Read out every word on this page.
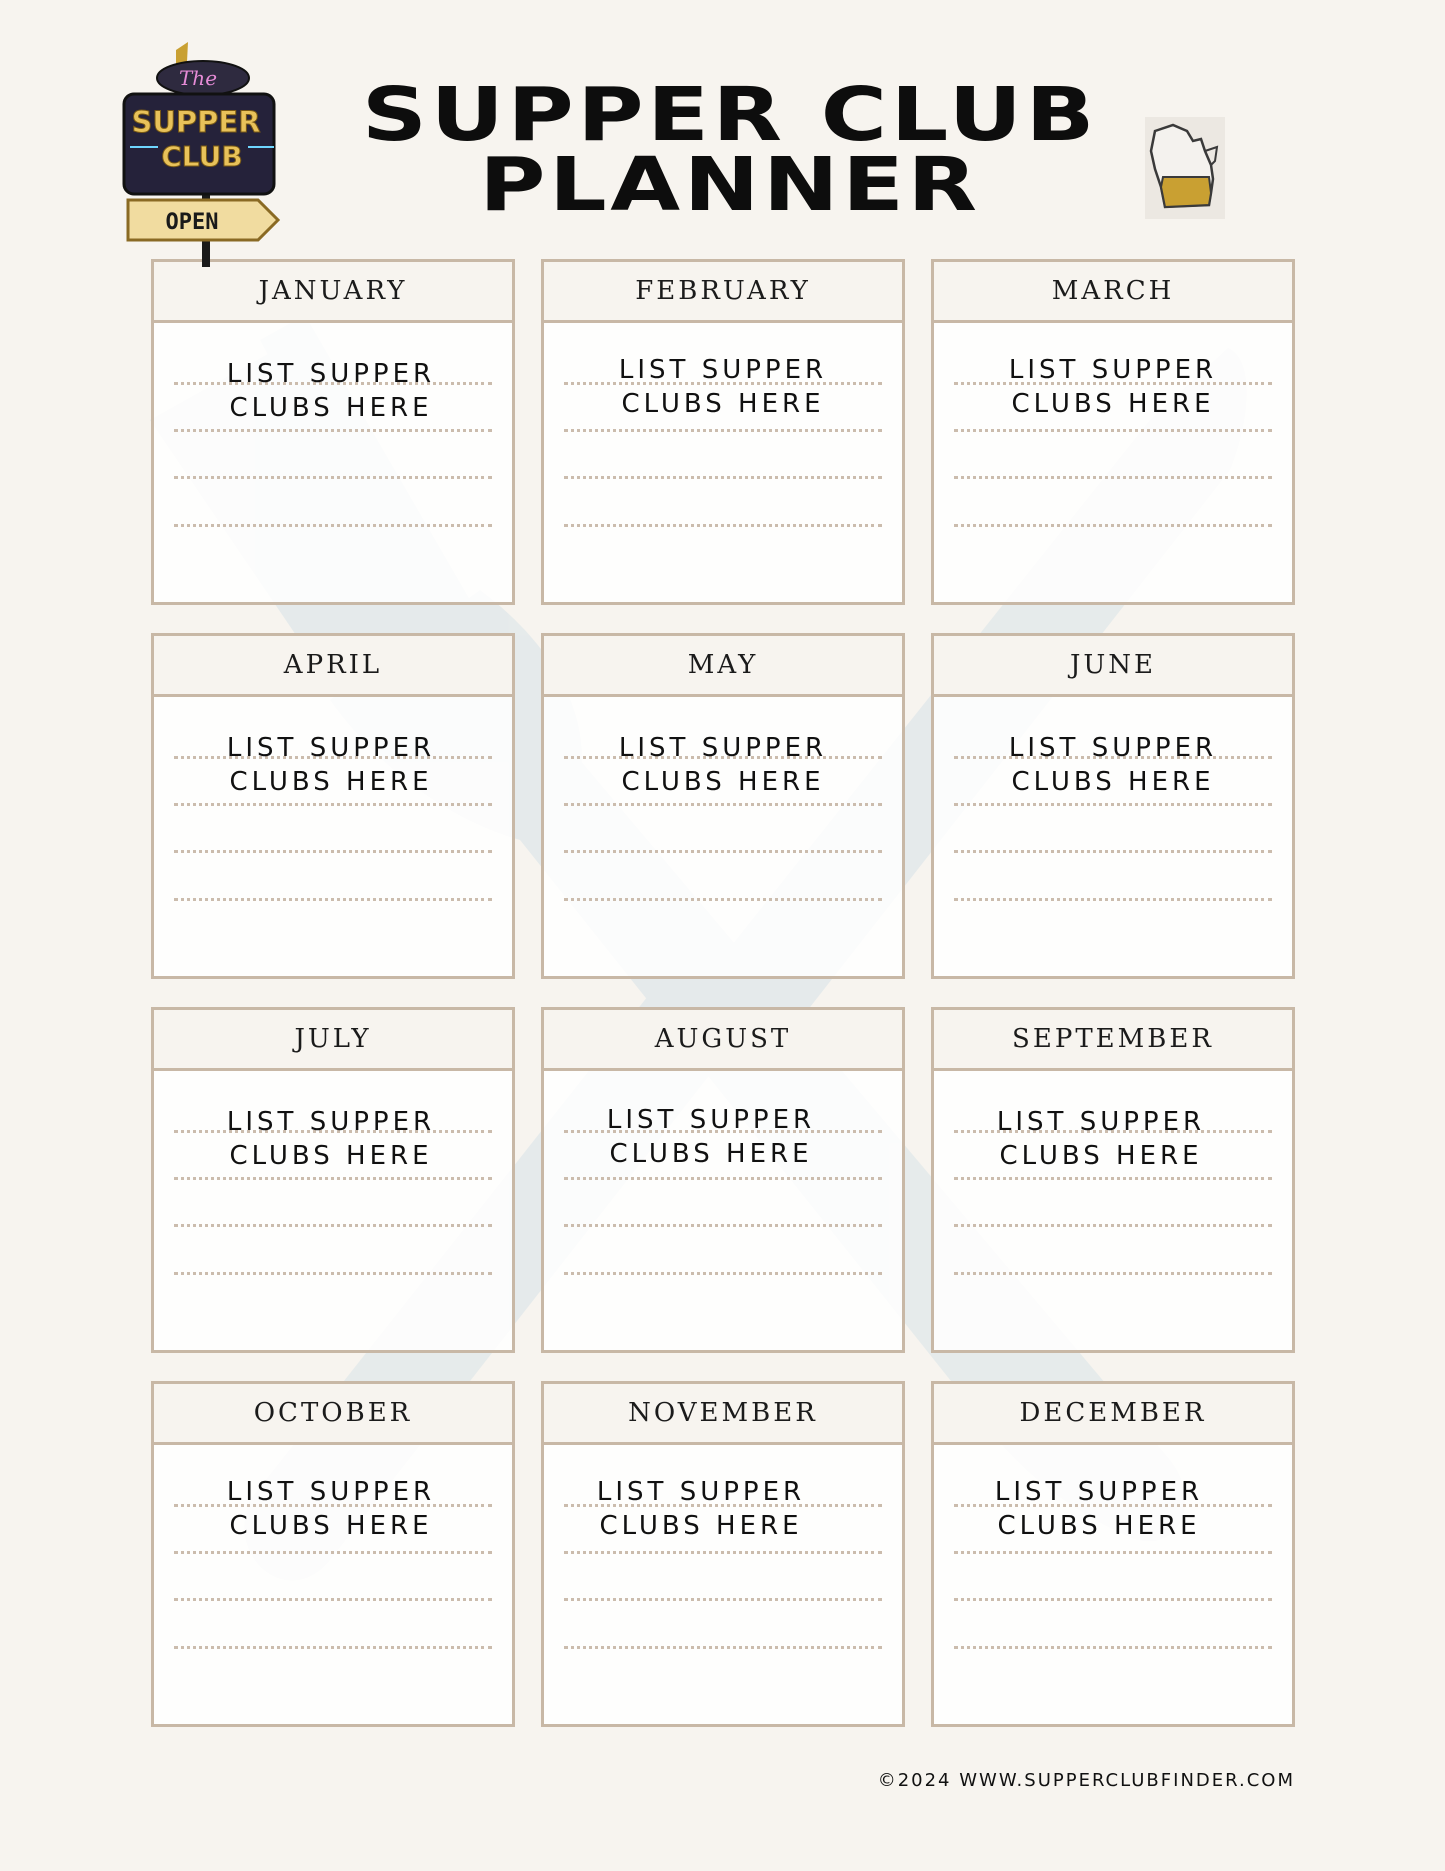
The
SUPPER
CLUB
OPEN
SUPPER CLUB
PLANNER
JANUARY
LIST SUPPER
CLUBS HERE
FEBRUARY
LIST SUPPER
CLUBS HERE
MARCH
LIST SUPPER
CLUBS HERE
APRIL
LIST SUPPER
CLUBS HERE
MAY
LIST SUPPER
CLUBS HERE
JUNE
LIST SUPPER
CLUBS HERE
JULY
LIST SUPPER
CLUBS HERE
AUGUST
LIST SUPPER
CLUBS HERE
SEPTEMBER
LIST SUPPER
CLUBS HERE
OCTOBER
LIST SUPPER
CLUBS HERE
NOVEMBER
LIST SUPPER
CLUBS HERE
DECEMBER
LIST SUPPER
CLUBS HERE
©2024 WWW.SUPPERCLUBFINDER.COM
